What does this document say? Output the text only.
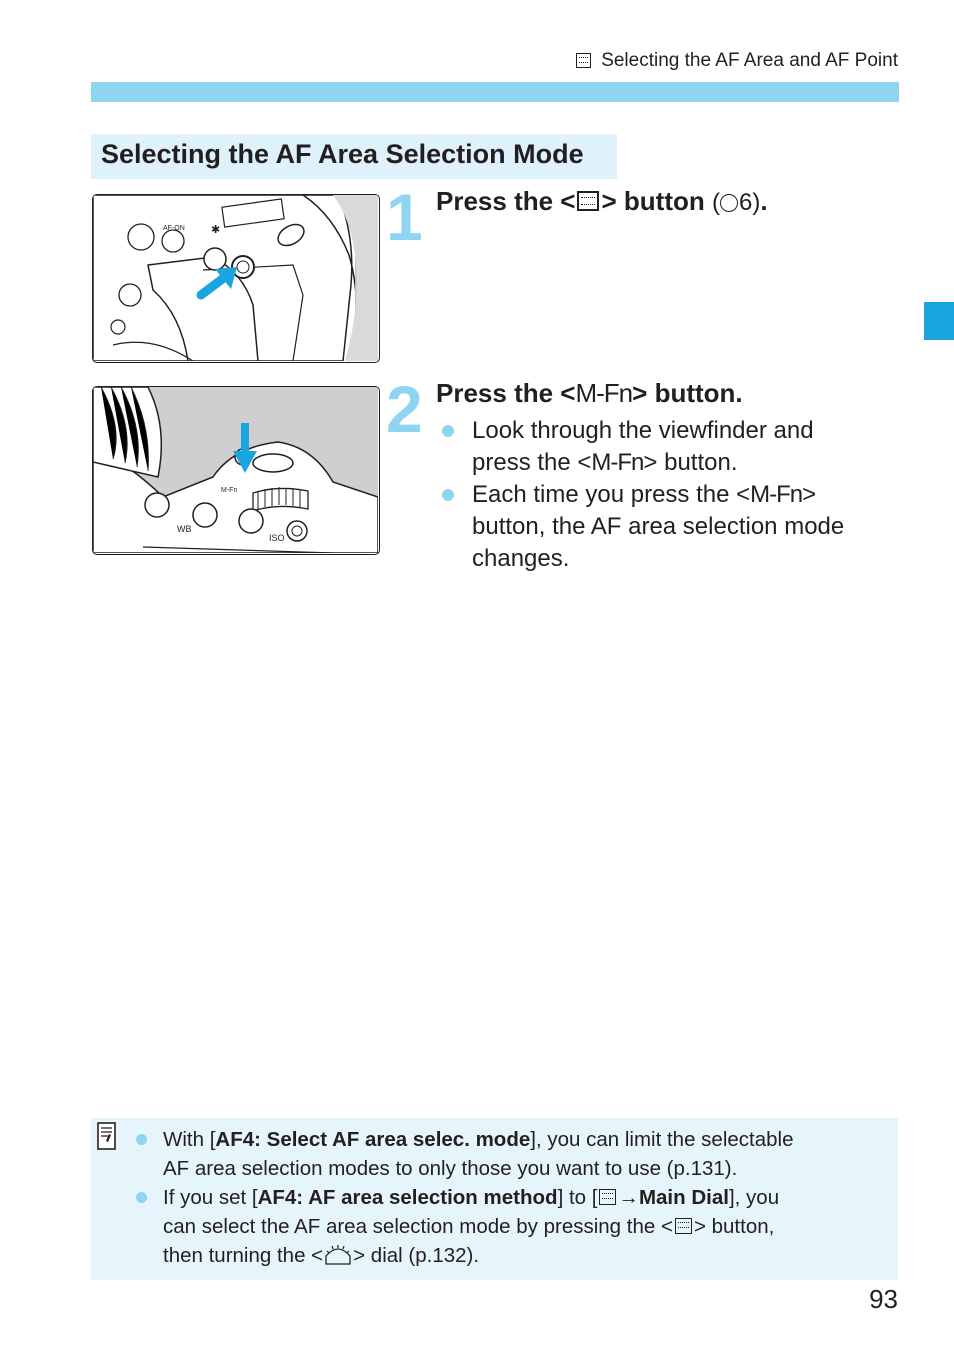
Selecting the AF Area and AF Point
Selecting the AF Area Selection Mode
AF-ON ✱	1 Press the < > button ( 6).
M-Fn
WB
ISO
2 Press the <M-Fn> button.
Look through the viewfinder and
press the <M-Fn> button.
Each time you press the <M-Fn>
button, the AF area selection mode
changes.
With [AF4: Select AF area selec. mode], you can limit the selectable
AF area selection modes to only those you want to use (p.131).
If you set [AF4: AF area selection method] to [ →Main Dial], you
can select the AF area selection mode by pressing the < > button,
then turning the < > dial (p.132).
93
